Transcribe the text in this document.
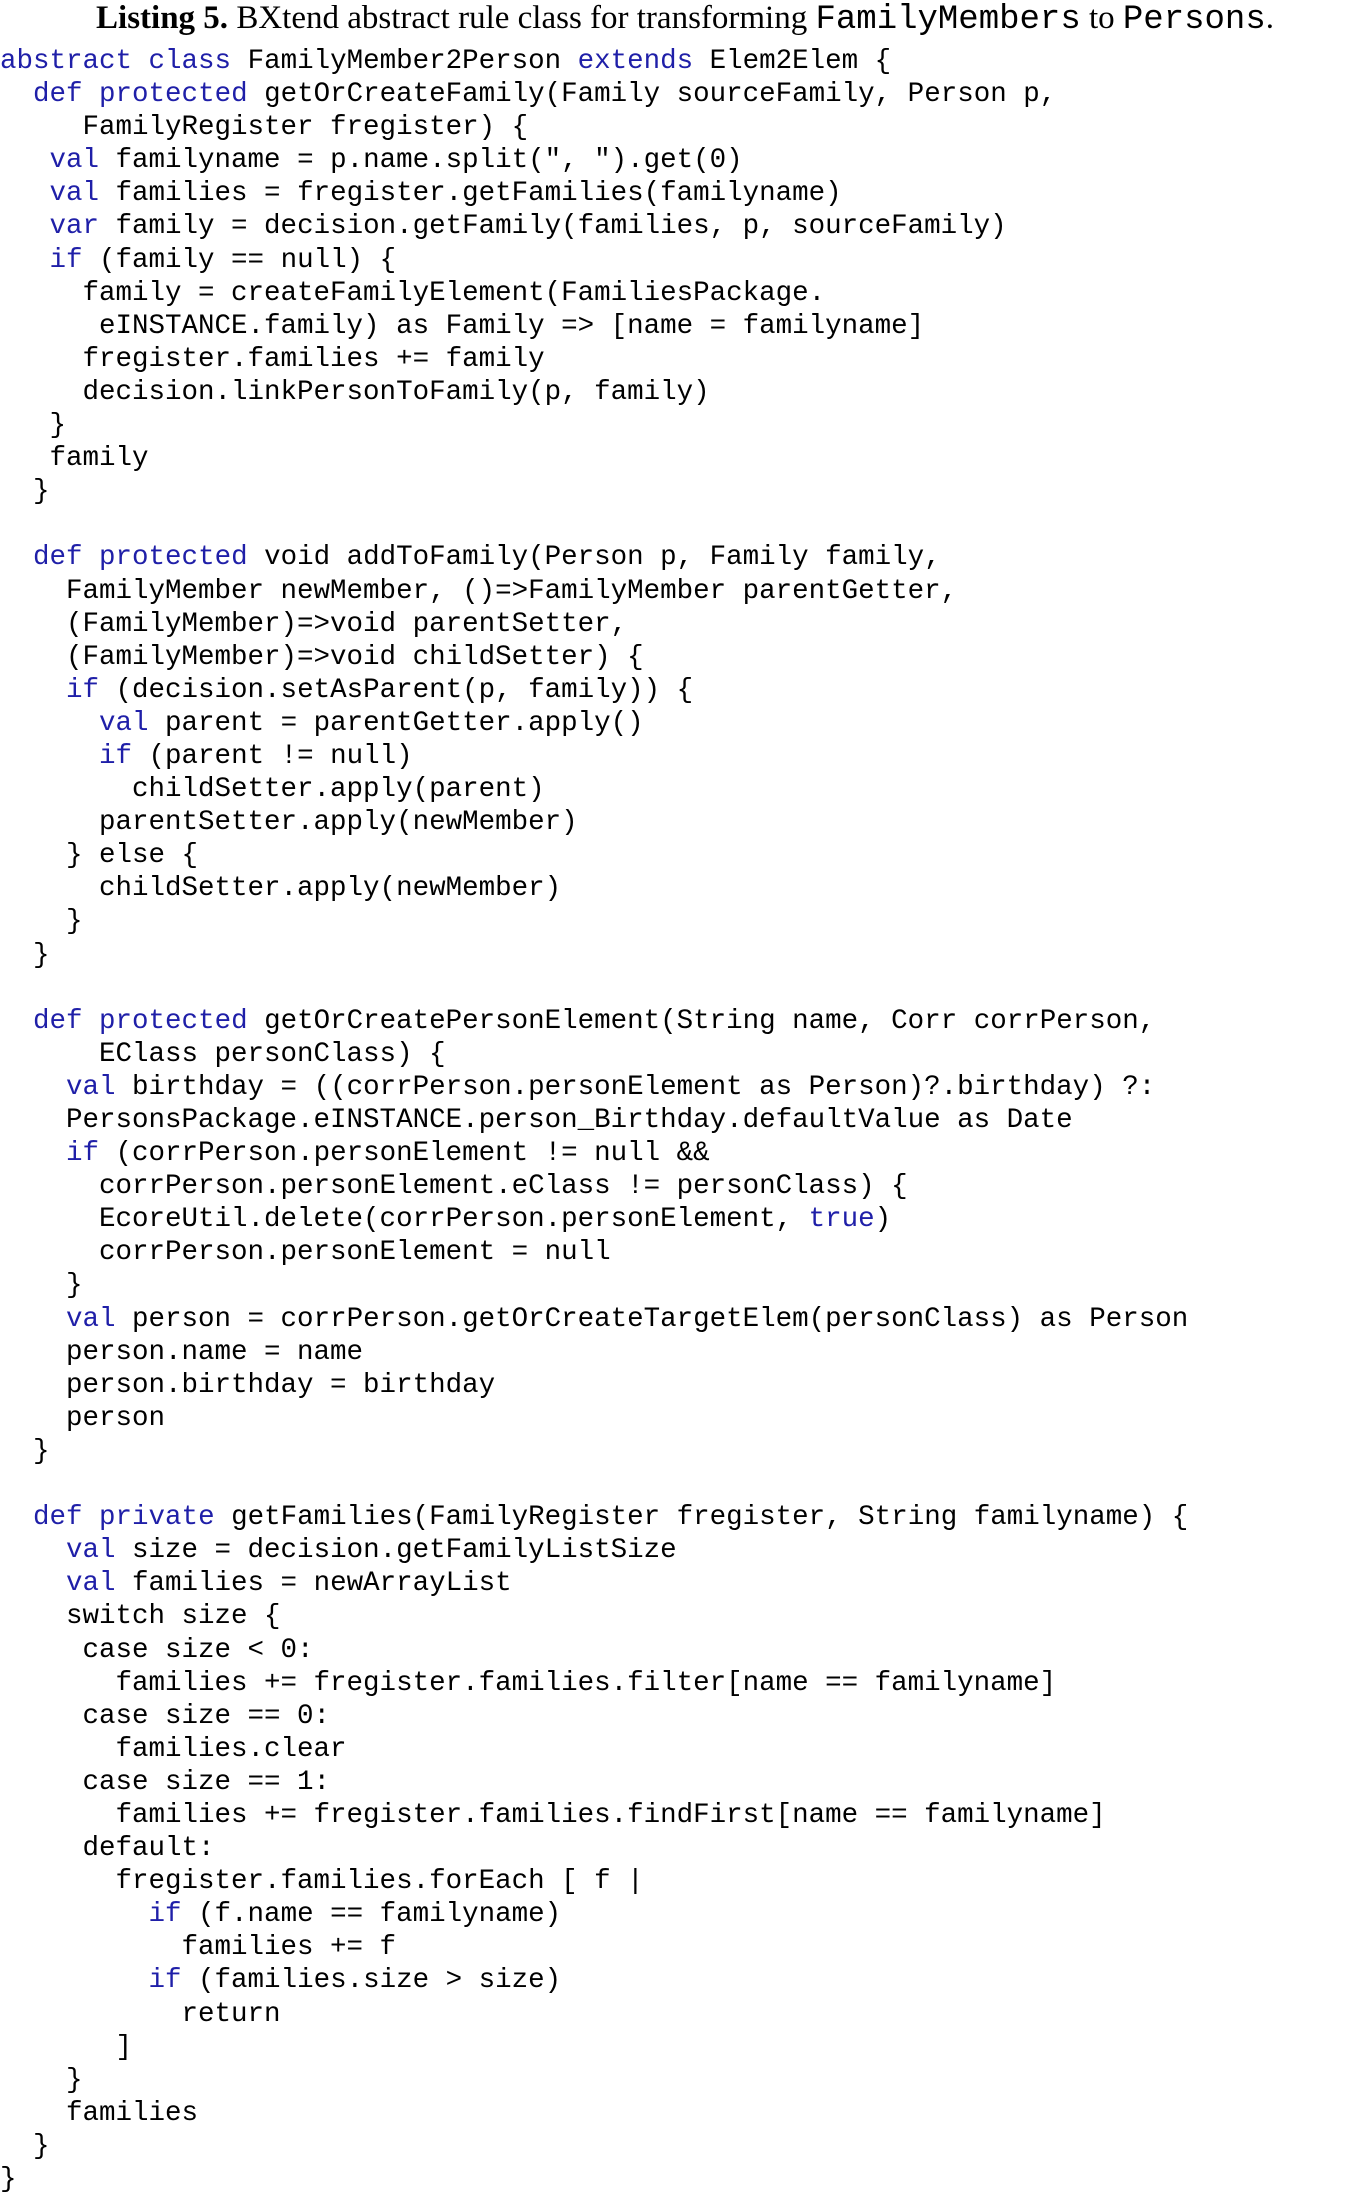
Listing 5. BXtend abstract rule class for transforming FamilyMembers to Persons.
abstract class FamilyMember2Person extends Elem2Elem {
def protected getOrCreateFamily(Family sourceFamily, Person p,
FamilyRegister fregister) {
val familyname = p.name.split(", ").get(0)
val families = fregister.getFamilies(familyname)
var family = decision.getFamily(families, p, sourceFamily)
if (family == null) {
family = createFamilyElement(FamiliesPackage.
eINSTANCE.family) as Family => [name = familyname]
fregister.families += family
decision.linkPersonToFamily(p, family)
}
family
}
def protected void addToFamily(Person p, Family family,
FamilyMember newMember, ()=>FamilyMember parentGetter,
(FamilyMember)=>void parentSetter,
(FamilyMember)=>void childSetter) {
if (decision.setAsParent(p, family)) {
val parent = parentGetter.apply()
if (parent != null)
childSetter.apply(parent)
parentSetter.apply(newMember)
} else {
childSetter.apply(newMember)
}
}
def protected getOrCreatePersonElement(String name, Corr corrPerson,
EClass personClass) {
val birthday = ((corrPerson.personElement as Person)?.birthday) ?:
PersonsPackage.eINSTANCE.person_Birthday.defaultValue as Date
if (corrPerson.personElement != null &&
corrPerson.personElement.eClass != personClass) {
EcoreUtil.delete(corrPerson.personElement, true)
corrPerson.personElement = null
}
val person = corrPerson.getOrCreateTargetElem(personClass) as Person
person.name = name
person.birthday = birthday
person
}
def private getFamilies(FamilyRegister fregister, String familyname) {
val size = decision.getFamilyListSize
val families = newArrayList
switch size {
case size < 0:
families += fregister.families.filter[name == familyname]
case size == 0:
families.clear
case size == 1:
families += fregister.families.findFirst[name == familyname]
default:
fregister.families.forEach [ f |
if (f.name == familyname)
families += f
if (families.size > size)
return
]
}
families
}
}
